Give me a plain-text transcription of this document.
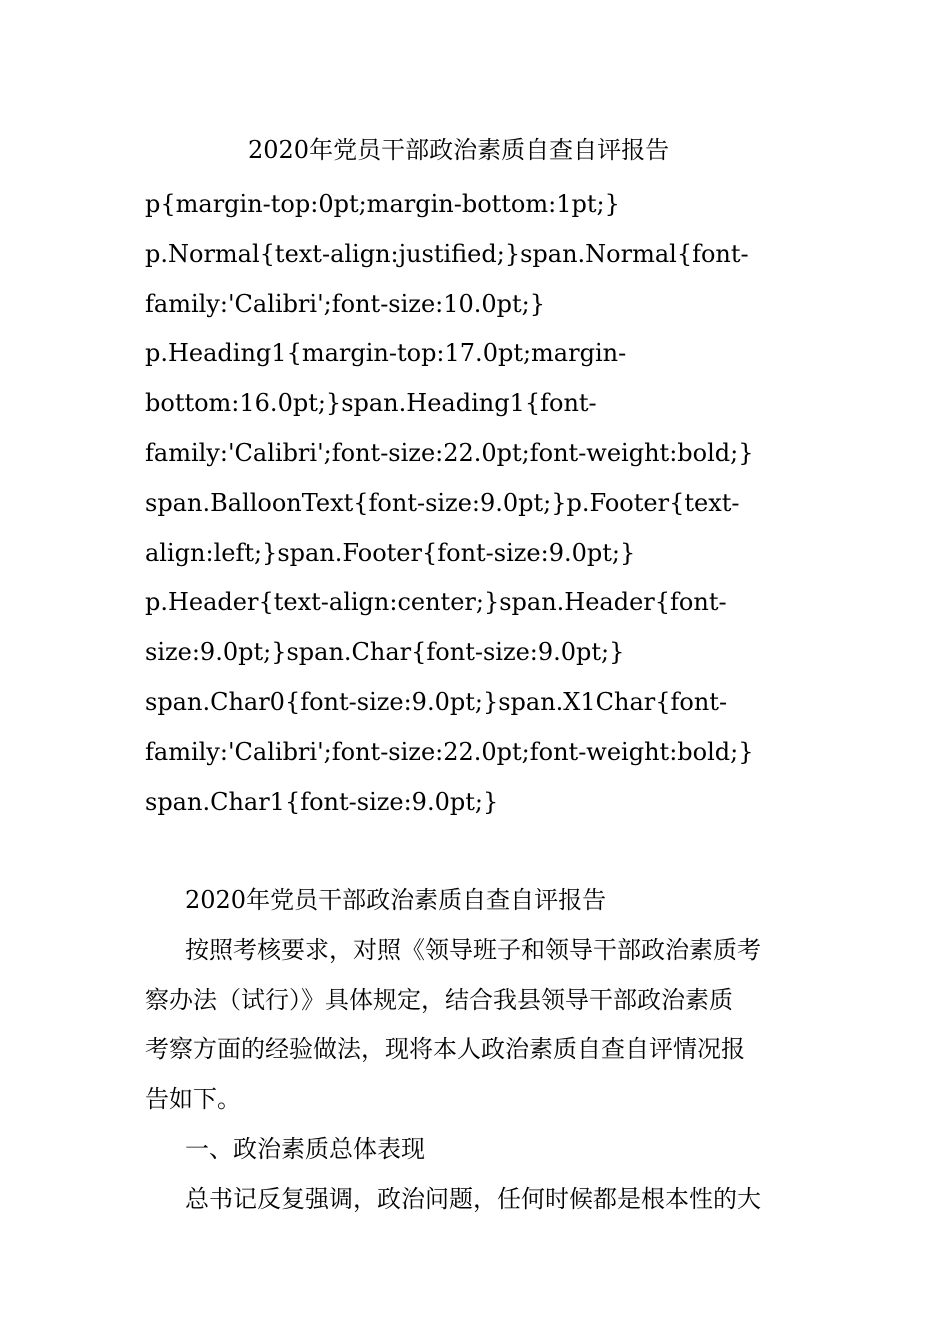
2020年党员干部政治素质自查自评报告
p{margin-top:0pt;margin-bottom:1pt;}
p.Normal{text-align:justified;}span.Normal{font-
family:'Calibri';font-size:10.0pt;}
p.Heading1{margin-top:17.0pt;margin-
bottom:16.0pt;}span.Heading1{font-
family:'Calibri';font-size:22.0pt;font-weight:bold;}
span.BalloonText{font-size:9.0pt;}p.Footer{text-
align:left;}span.Footer{font-size:9.0pt;}
p.Header{text-align:center;}span.Header{font-
size:9.0pt;}span.Char{font-size:9.0pt;}
span.Char0{font-size:9.0pt;}span.X1Char{font-
family:'Calibri';font-size:22.0pt;font-weight:bold;}
span.Char1{font-size:9.0pt;}
2020年党员干部政治素质自查自评报告
按照考核要求，对照《领导班子和领导干部政治素质考
察办法（试行）》具体规定，结合我县领导干部政治素质
考察方面的经验做法，现将本人政治素质自查自评情况报
告如下。
一、政治素质总体表现
总书记反复强调，政治问题，任何时候都是根本性的大
